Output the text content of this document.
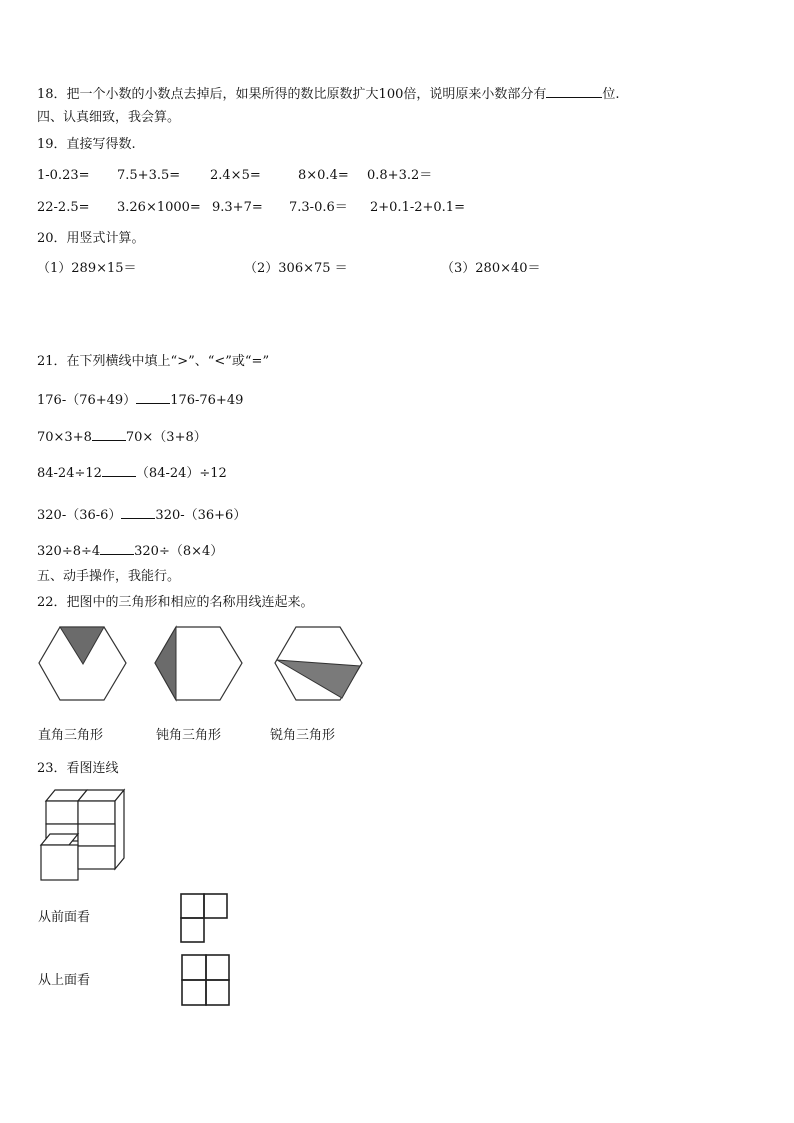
18．把一个小数的小数点去掉后，如果所得的数比原数扩大100倍，说明原来小数部分有	位.
四、认真细致，我会算。
19．直接写得数.
1-0.23= 7.5+3.5= 2.4×5=	8×0.4= 0.8+3.2＝
22-2.5= 3.26×1000= 9.3+7= 7.3-0.6＝ 2+0.1-2+0.1=
20．用竖式计算。
（1）289×15＝	（2）306×75 ＝	（3）280×40＝
21．在下列横线中填上“>”、“<”或“=”
176-（76+49）	176-76+49
70×3+8	70×（3+8）
84-24÷12	（84-24）÷12
320-（36-6）	320-（36+6）
320÷8÷4	320÷（8×4）
五、动手操作，我能行。
22．把图中的三角形和相应的名称用线连起来。
直角三角形	钝角三角形	锐角三角形
23．看图连线
从前面看
从上面看
